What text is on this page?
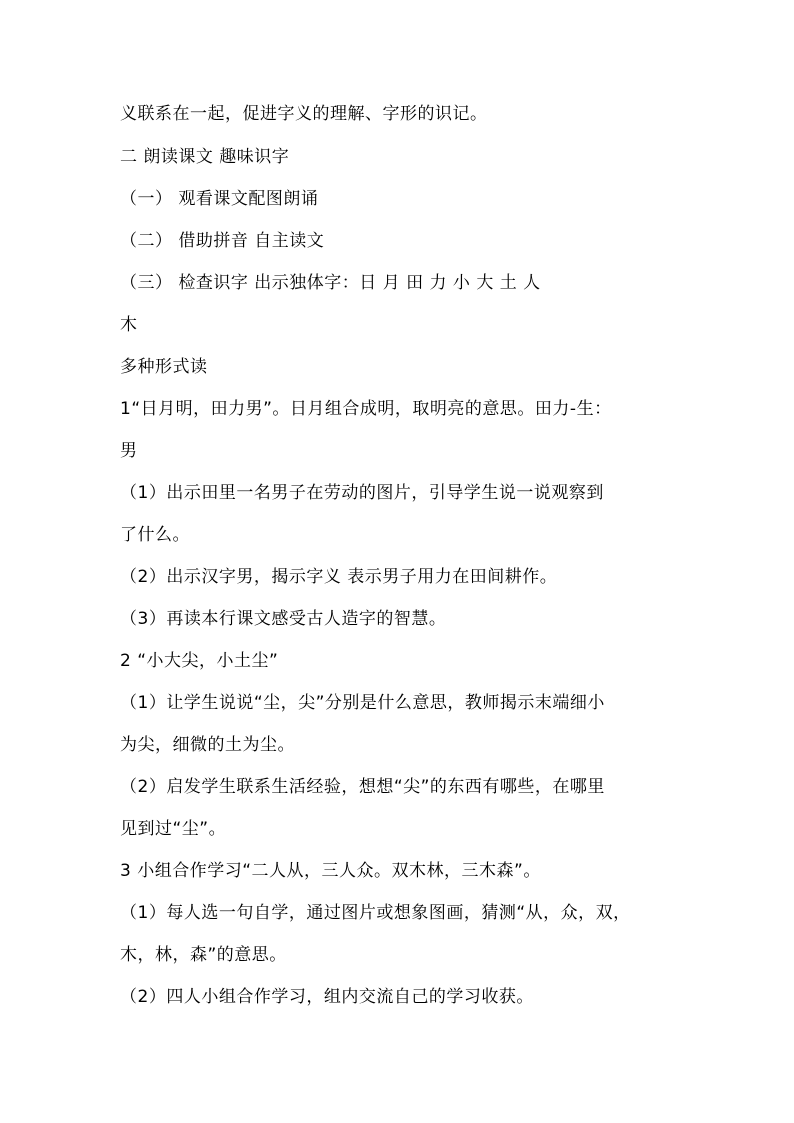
义联系在一起，促进字义的理解、字形的识记。
二 朗读课文 趣味识字
（一） 观看课文配图朗诵
（二） 借助拼音 自主读文
（三） 检查识字 出示独体字：日 月 田 力 小 大 土 人
木
多种形式读
1“日月明，田力男”。日月组合成明，取明亮的意思。田力-生：
男
（1）出示田里一名男子在劳动的图片，引导学生说一说观察到
了什么。
（2）出示汉字男，揭示字义 表示男子用力在田间耕作。
（3）再读本行课文感受古人造字的智慧。
2 “小大尖，小土尘”
（1）让学生说说“尘，尖”分别是什么意思，教师揭示末端细小
为尖，细微的土为尘。
（2）启发学生联系生活经验，想想“尖”的东西有哪些，在哪里
见到过“尘”。
3 小组合作学习“二人从，三人众。双木林，三木森”。
（1）每人选一句自学，通过图片或想象图画，猜测“从，众，双，
木，林，森”的意思。
（2）四人小组合作学习，组内交流自己的学习收获。
